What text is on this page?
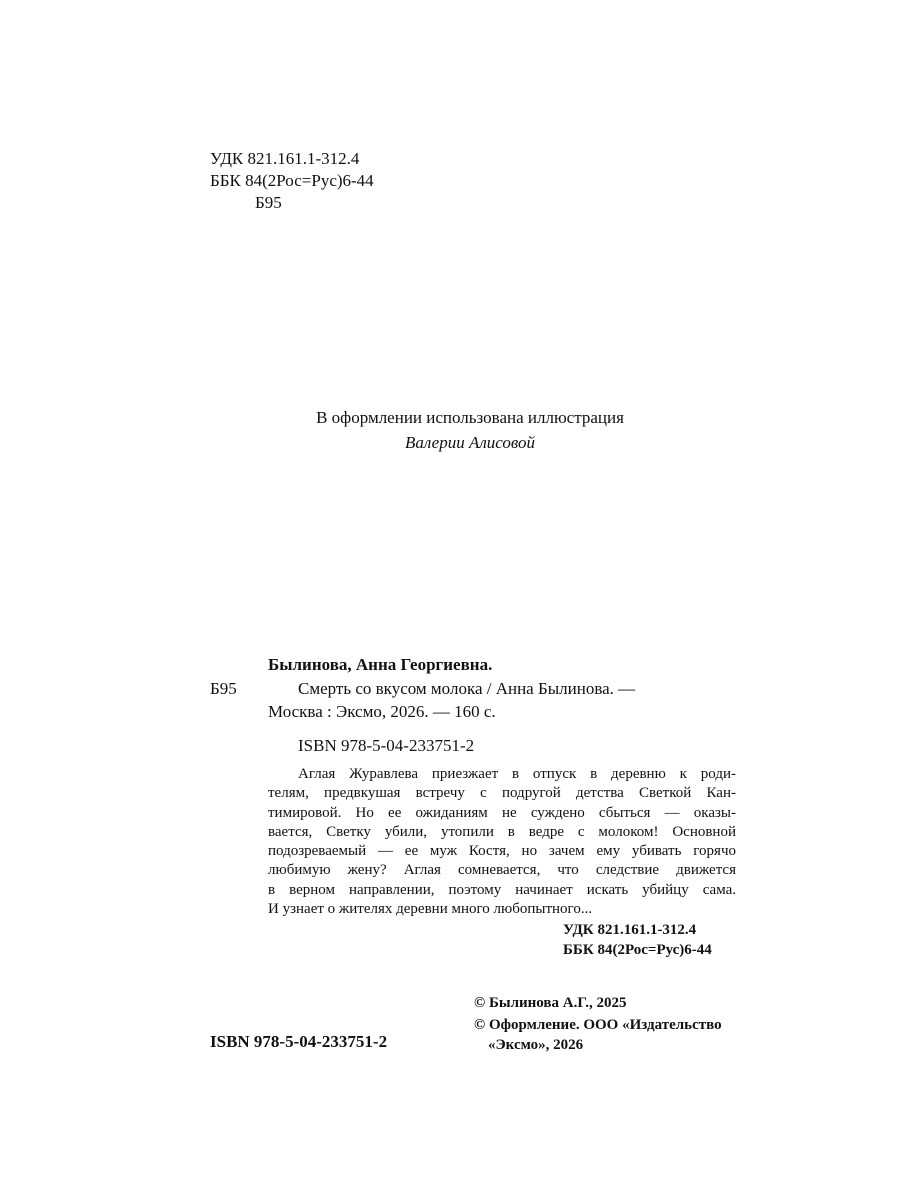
УДК 821.161.1-312.4
ББК 84(2Рос=Рус)6-44
Б95
В оформлении использована иллюстрация
Валерии Алисовой
Былинова, Анна Георгиевна.
Б95	Смерть со вкусом молока / Анна Былинова. —
Москва : Эксмо, 2026. — 160 с.
ISBN 978-5-04-233751-2
Аглая Журавлева приезжает в отпуск в деревню к роди-
телям, предвкушая встречу с подругой детства Светкой Кан-
тимировой. Но ее ожиданиям не суждено сбыться — оказы-
вается, Светку убили, утопили в ведре с молоком! Основной
подозреваемый — ее муж Костя, но зачем ему убивать горячо
любимую жену? Аглая сомневается, что следствие движется
в верном направлении, поэтому начинает искать убийцу сама.
И узнает о жителях деревни много любопытного...
УДК 821.161.1-312.4
ББК 84(2Рос=Рус)6-44
© Былинова А.Г., 2025
© Оформление. ООО «Издательство
«Эксмо», 2026
ISBN 978-5-04-233751-2
